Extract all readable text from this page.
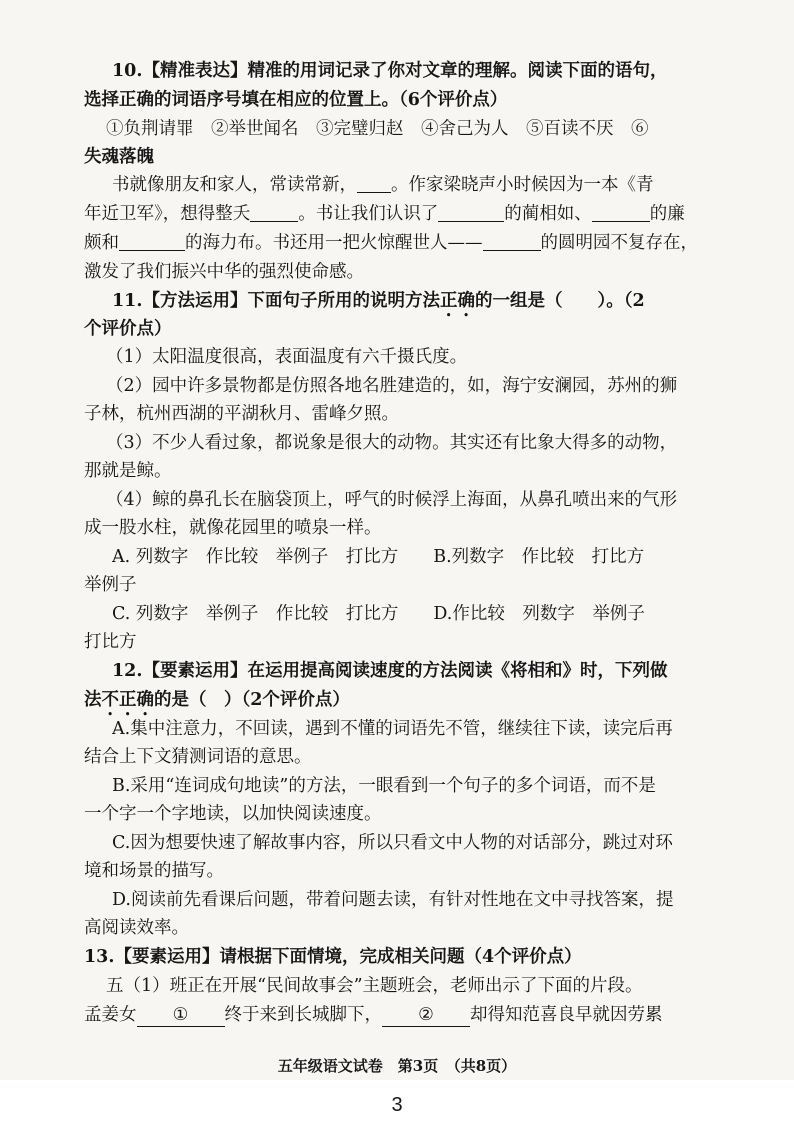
10.【精准表达】精准的用词记录了你对文章的理解。阅读下面的语句，

选择正确的词语序号填在相应的位置上。（6个评价点）

①负荆请罪　②举世闻名　③完璧归赵　④舍己为人　⑤百读不厌　⑥

失魂落魄

书就像朋友和家人，常读常新， 。作家梁晓声小时候因为一本《青

年近卫军》，想得整夭	。书让我们认识了	的蔺相如、	的廉

颇和	的海力布。书还用一把火惊醒世人——	的圆明园不复存在，

激发了我们振兴中华的强烈使命感。

11.【方法运用】下面句子所用的说明方法正确的一组是（　　）。（2

个评价点）

（1）太阳温度很高，表面温度有六千摄氏度。

（2）园中许多景物都是仿照各地名胜建造的，如，海宁安澜园，苏州的狮

子林，杭州西湖的平湖秋月、雷峰夕照。

（3）不少人看过象，都说象是很大的动物。其实还有比象大得多的动物，

那就是鲸。

（4）鲸的鼻孔长在脑袋顶上，呼气的时候浮上海面，从鼻孔喷出来的气形

成一股水柱，就像花园里的喷泉一样。

A. 列数字　作比较　举例子　打比方　　B.列数字　作比较　打比方

举例子

C. 列数字　举例子　作比较　打比方　　D.作比较　列数字　举例子

打比方

12.【要素运用】在运用提高阅读速度的方法阅读《将相和》时，下列做

法不正确的是（　）（2个评价点）

A.集中注意力，不回读，遇到不懂的词语先不管，继续往下读，读完后再

结合上下文猜测词语的意思。

B.采用“连词成句地读”的方法，一眼看到一个句子的多个词语，而不是

一个字一个字地读，以加快阅读速度。

C.因为想要快速了解故事内容，所以只看文中人物的对话部分，跳过对环

境和场景的描写。

D.阅读前先看课后问题，带着问题去读，有针对性地在文中寻找答案，提

高阅读效率。

13.【要素运用】请根据下面情境，完成相关问题（4个评价点）

五（1）班正在开展“民间故事会”主题班会，老师出示了下面的片段。

孟姜女 ① 终于来到长城脚下， ② 却得知范喜良早就因劳累

五年级语文试卷　第3页　（共8页）
3
